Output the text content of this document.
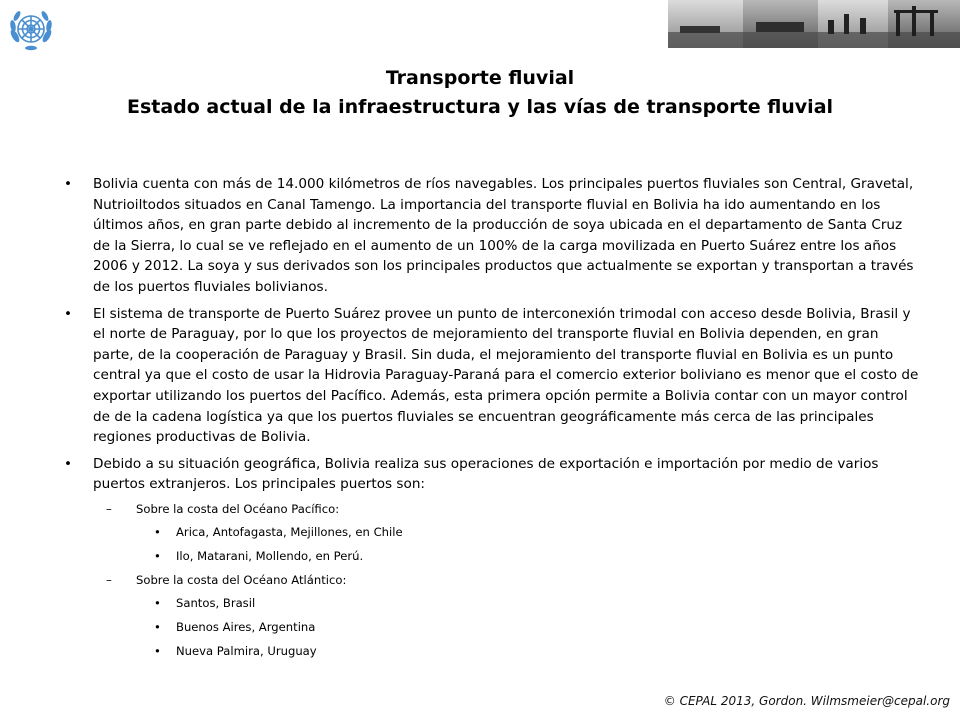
Transporte fluvial
Estado actual de la infraestructura y las vías de transporte fluvial
• Bolivia cuenta con más de 14.000 kilómetros de ríos navegables. Los principales puertos fluviales son Central, Gravetal, Nutrioiltodos situados en Canal Tamengo. La importancia del transporte fluvial en Bolivia ha ido aumentando en los últimos años, en gran parte debido al incremento de la producción de soya ubicada en el departamento de Santa Cruz de la Sierra, lo cual se ve reflejado en el aumento de un 100% de la carga movilizada en Puerto Suárez entre los años 2006 y 2012. La soya y sus derivados son los principales productos que actualmente se exportan y transportan a través de los puertos fluviales bolivianos.
• El sistema de transporte de Puerto Suárez provee un punto de interconexión trimodal con acceso desde Bolivia, Brasil y el norte de Paraguay, por lo que los proyectos de mejoramiento del transporte fluvial en Bolivia dependen, en gran parte, de la cooperación de Paraguay y Brasil. Sin duda, el mejoramiento del transporte fluvial en Bolivia es un punto central ya que el costo de usar la Hidrovia Paraguay-Paraná para el comercio exterior boliviano es menor que el costo de exportar utilizando los puertos del Pacífico. Además, esta primera opción permite a Bolivia contar con un mayor control de de la cadena logística ya que los puertos fluviales se encuentran geográficamente más cerca de las principales regiones productivas de Bolivia.
• Debido a su situación geográfica, Bolivia realiza sus operaciones de exportación e importación por medio de varios puertos extranjeros. Los principales puertos son:
– Sobre la costa del Océano Pacífico:
• Arica, Antofagasta, Mejillones, en Chile
• Ilo, Matarani, Mollendo, en Perú.
– Sobre la costa del Océano Atlántico:
• Santos, Brasil
• Buenos Aires, Argentina
• Nueva Palmira, Uruguay
© CEPAL 2013, Gordon. Wilmsmeier@cepal.org
